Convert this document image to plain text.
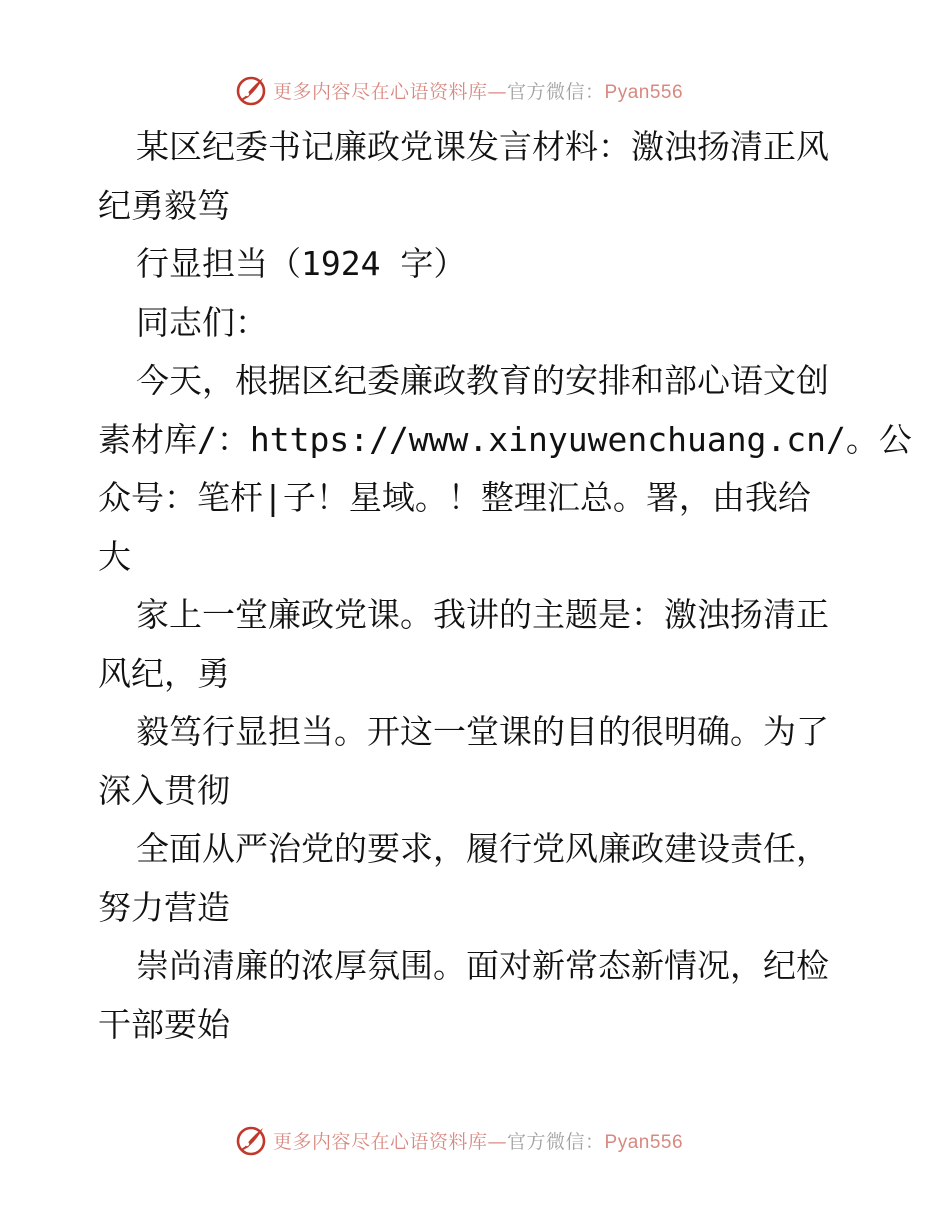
更多内容尽在心语资料库—官方微信：Pyan556
某区纪委书记廉政党课发言材料：激浊扬清正风
纪勇毅笃
行显担当（1924 字）
同志们：
今天，根据区纪委廉政教育的安排和部心语文创
素材库/：https://www.xinyuwenchuang.cn/。公
众号：笔杆|子！星域。！整理汇总。署，由我给
大
家上一堂廉政党课。我讲的主题是：激浊扬清正
风纪，勇
毅笃行显担当。开这一堂课的目的很明确。为了
深入贯彻
全面从严治党的要求，履行党风廉政建设责任，
努力营造
崇尚清廉的浓厚氛围。面对新常态新情况，纪检
干部要始
更多内容尽在心语资料库—官方微信：Pyan556
